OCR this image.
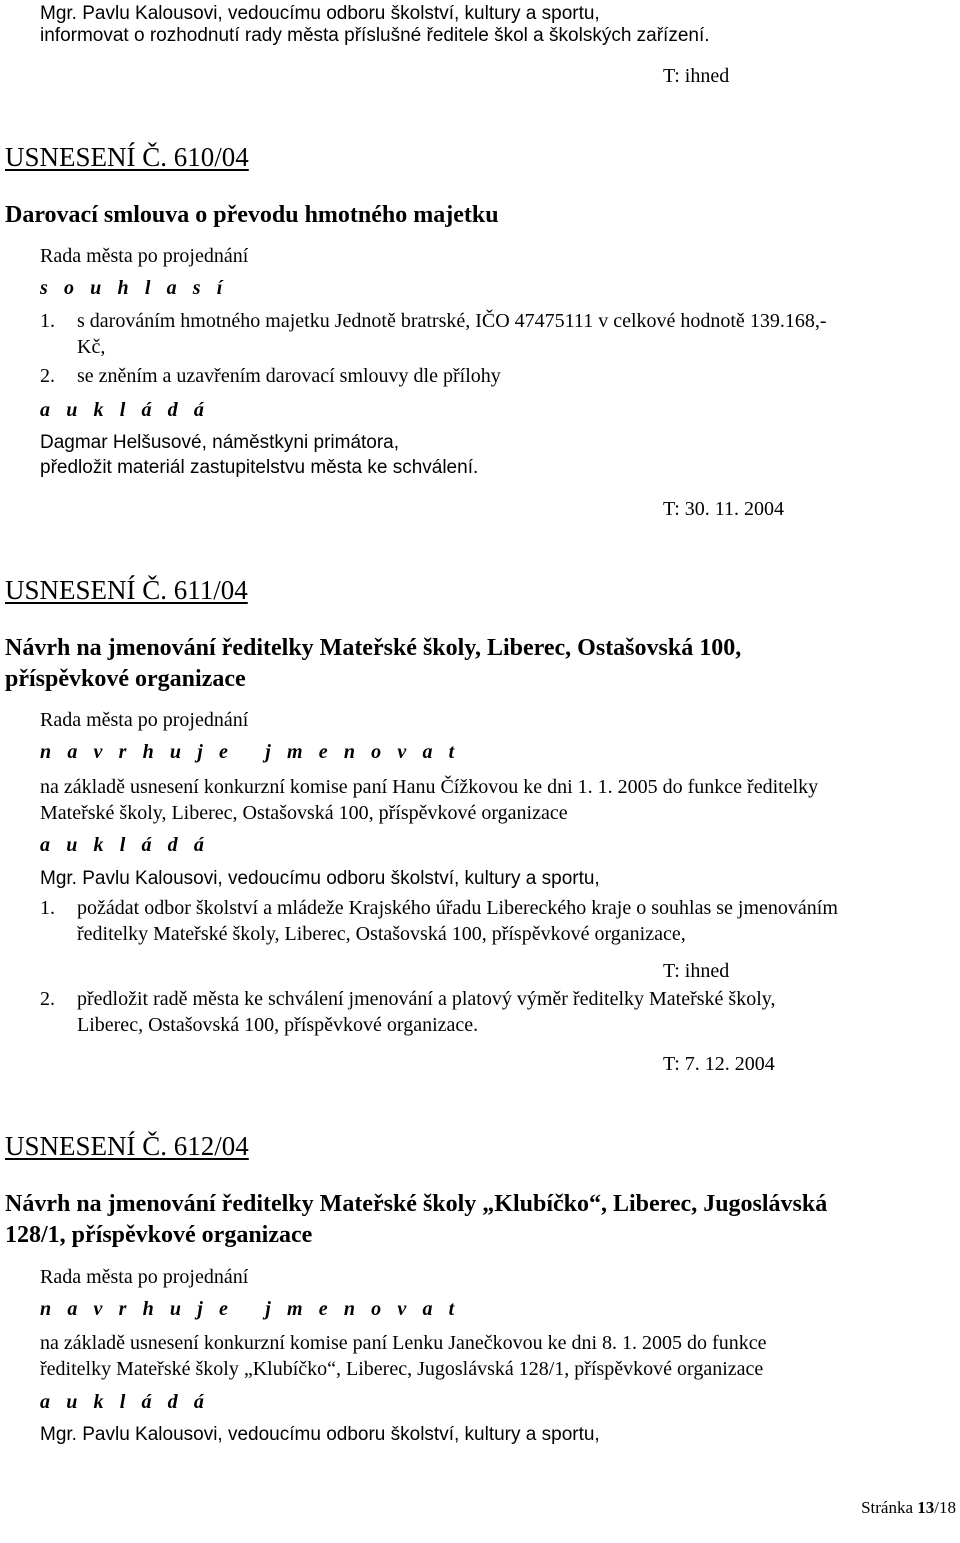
Mgr. Pavlu Kalousovi, vedoucímu odboru školství, kultury a sportu,
informovat o rozhodnutí rady města příslušné ředitele škol a školských zařízení.
T: ihned
USNESENÍ Č. 610/04
Darovací smlouva o převodu hmotného majetku
Rada města po projednání
s o u h l a s í
1. s darováním hmotného majetku Jednotě bratrské, IČO 47475111 v celkové hodnotě 139.168,-
Kč,
2. se zněním a uzavřením darovací smlouvy dle přílohy
a u k l á d á
Dagmar Helšusové, náměstkyni primátora,
předložit materiál zastupitelstvu města ke schválení.
T: 30. 11. 2004
USNESENÍ Č. 611/04
Návrh na jmenování ředitelky Mateřské školy, Liberec, Ostašovská 100,
příspěvkové organizace
Rada města po projednání
n a v r h u j e   j m e n o v a t
na základě usnesení konkurzní komise paní Hanu Čížkovou ke dni 1. 1. 2005 do funkce ředitelky
Mateřské školy, Liberec, Ostašovská 100, příspěvkové organizace
a u k l á d á
Mgr. Pavlu Kalousovi, vedoucímu odboru školství, kultury a sportu,
1. požádat odbor školství a mládeže Krajského úřadu Libereckého kraje o souhlas se jmenováním
ředitelky Mateřské školy, Liberec, Ostašovská 100, příspěvkové organizace,
T: ihned
2. předložit radě města ke schválení jmenování a platový výměr ředitelky Mateřské školy,
Liberec, Ostašovská 100, příspěvkové organizace.
T: 7. 12. 2004
USNESENÍ Č. 612/04
Návrh na jmenování ředitelky Mateřské školy „Klubíčko“, Liberec, Jugoslávská
128/1, příspěvkové organizace
Rada města po projednání
n a v r h u j e   j m e n o v a t
na základě usnesení konkurzní komise paní Lenku Janečkovou ke dni 8. 1. 2005 do funkce
ředitelky Mateřské školy „Klubíčko“, Liberec, Jugoslávská 128/1, příspěvkové organizace
a u k l á d á
Mgr. Pavlu Kalousovi, vedoucímu odboru školství, kultury a sportu,
Stránka 13/18
